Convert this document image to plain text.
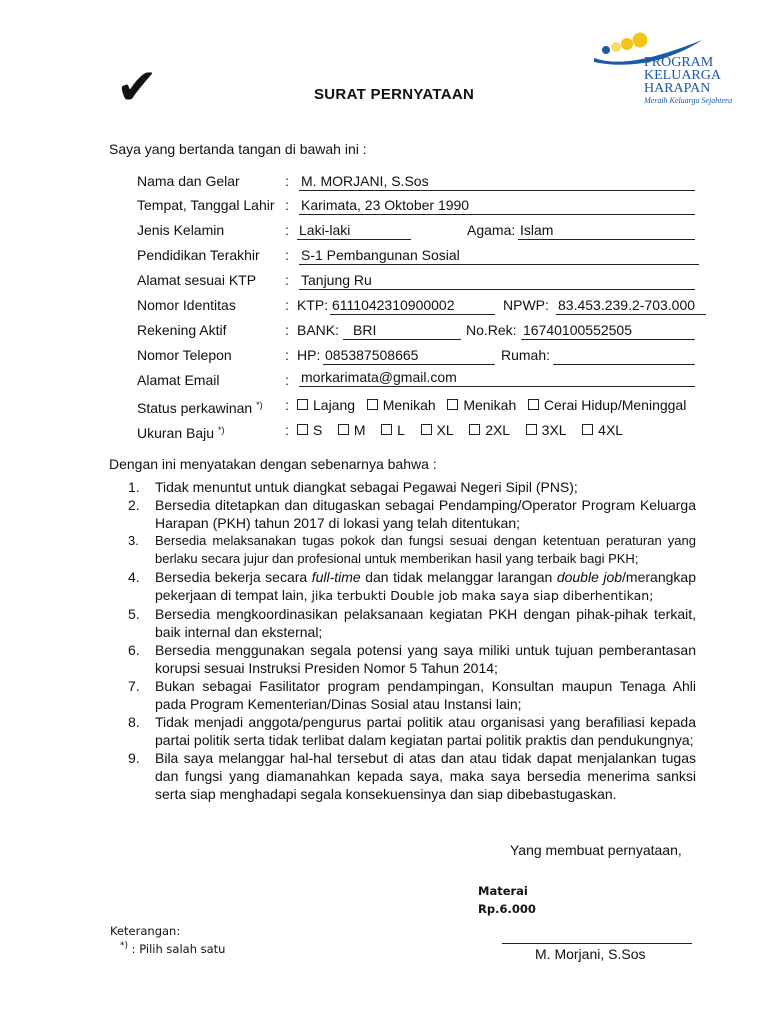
✔	SURAT PERNYATAAN
PROGRAM
KELUARGA
HARAPAN
Meraih Keluarga Sejahtera
Saya yang bertanda tangan di bawah ini :
Nama dan Gelar	: M. MORJANI, S.Sos
Tempat, Tanggal Lahir : Karimata, 23 Oktober 1990
Jenis Kelamin	: Laki-laki	Agama: Islam
Pendidikan Terakhir : S-1 Pembangunan Sosial
Alamat sesuai KTP : Tanjung Ru
Nomor Identitas	: KTP: 6111042310900002	NPWP: 83.453.239.2-703.000
Rekening Aktif	: BANK: BRI	No.Rek: 16740100552505
Nomor Telepon	: HP: 085387508665	Rumah:
Alamat Email	: morkarimata@gmail.com
Status perkawinan *) :	Lajang Menikah Menikah Cerai Hidup/Meninggal
Ukuran Baju *)	:	S M L XL 2XL 3XL 4XL
Dengan ini menyatakan dengan sebenarnya bahwa :
1. Tidak menuntut untuk diangkat sebagai Pegawai Negeri Sipil (PNS);
2. Bersedia ditetapkan dan ditugaskan sebagai Pendamping/Operator Program Keluarga Harapan (PKH) tahun 2017 di lokasi yang telah ditentukan;
3. Bersedia melaksanakan tugas pokok dan fungsi sesuai dengan ketentuan peraturan yang berlaku secara jujur dan profesional untuk memberikan hasil yang terbaik bagi PKH;
4. Bersedia bekerja secara full-time dan tidak melanggar larangan double job/merangkap pekerjaan di tempat lain, jika terbukti Double job maka saya siap diberhentikan;
5. Bersedia mengkoordinasikan pelaksanaan kegiatan PKH dengan pihak-pihak terkait, baik internal dan eksternal;
6. Bersedia menggunakan segala potensi yang saya miliki untuk tujuan pemberantasan korupsi sesuai Instruksi Presiden Nomor 5 Tahun 2014;
7. Bukan sebagai Fasilitator program pendampingan, Konsultan maupun Tenaga Ahli pada Program Kementerian/Dinas Sosial atau Instansi lain;
8. Tidak menjadi anggota/pengurus partai politik atau organisasi yang berafiliasi kepada partai politik serta tidak terlibat dalam kegiatan partai politik praktis dan pendukungnya;
9. Bila saya melanggar hal-hal tersebut di atas dan atau tidak dapat menjalankan tugas dan fungsi yang diamanahkan kepada saya, maka saya bersedia menerima sanksi serta siap menghadapi segala konsekuensinya dan siap dibebastugaskan.
Yang membuat pernyataan,
Materai
Rp.6.000
Keterangan:
*) : Pilih salah satu	M. Morjani, S.Sos
